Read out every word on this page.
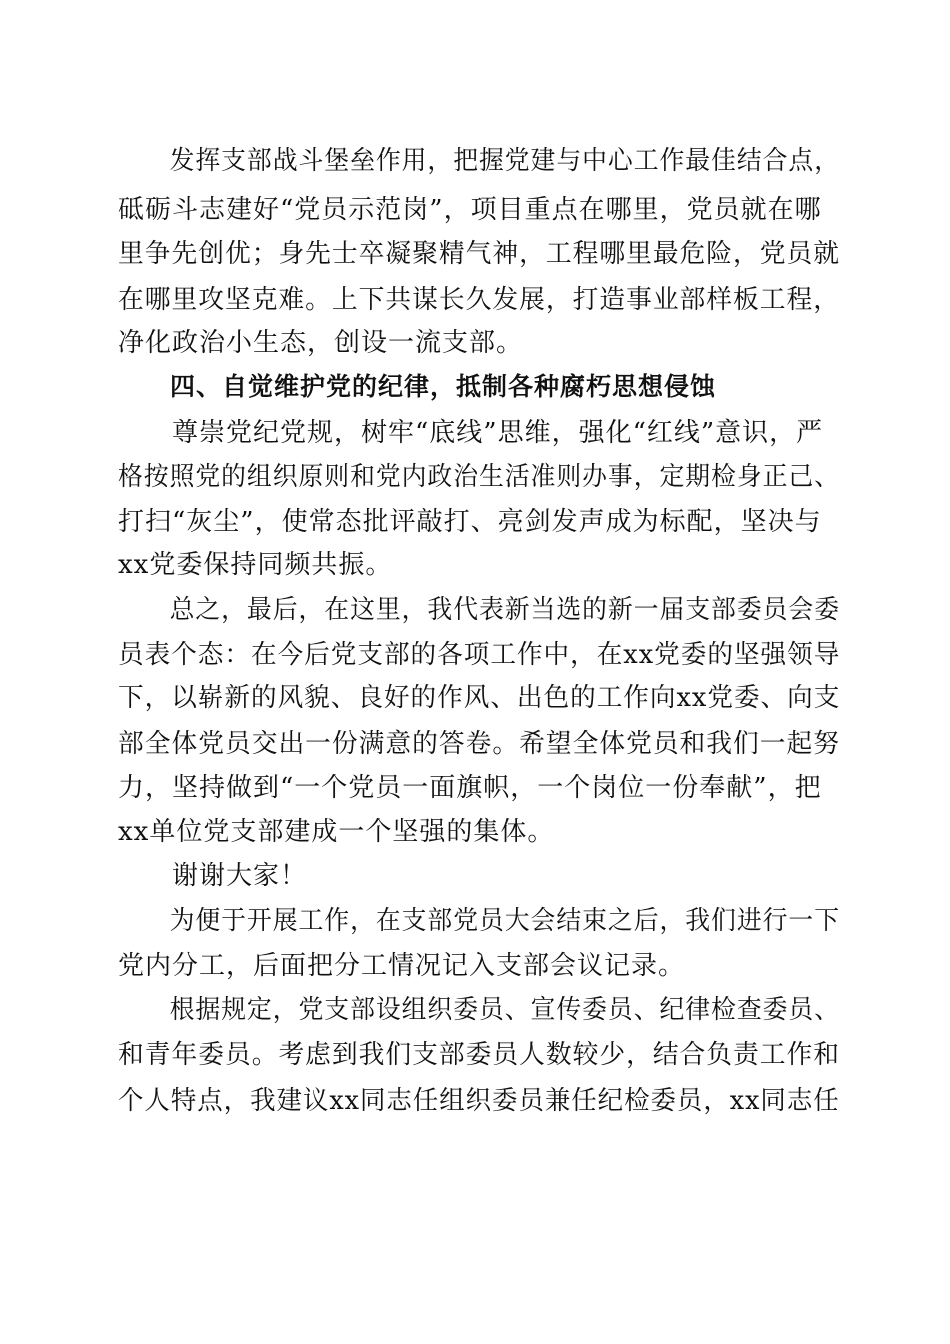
　　发挥支部战斗堡垒作用，把握党建与中心工作最佳结合点，
砥砺斗志建好“党员示范岗”，项目重点在哪里，党员就在哪
里争先创优；身先士卒凝聚精气神，工程哪里最危险，党员就
在哪里攻坚克难。上下共谋长久发展，打造事业部样板工程，
净化政治小生态，创设一流支部。
　　四、自觉维护党的纪律，抵制各种腐朽思想侵蚀
　　尊崇党纪党规，树牢“底线”思维，强化“红线”意识，严
格按照党的组织原则和党内政治生活准则办事，定期检身正己、
打扫“灰尘”，使常态批评敲打、亮剑发声成为标配，坚决与
xx党委保持同频共振。
　　总之，最后，在这里，我代表新当选的新一届支部委员会委
员表个态：在今后党支部的各项工作中，在xx党委的坚强领导
下，以崭新的风貌、良好的作风、出色的工作向xx党委、向支
部全体党员交出一份满意的答卷。希望全体党员和我们一起努
力，坚持做到“一个党员一面旗帜，一个岗位一份奉献”，把
xx单位党支部建成一个坚强的集体。
　　谢谢大家！
　　为便于开展工作，在支部党员大会结束之后，我们进行一下
党内分工，后面把分工情况记入支部会议记录。
　　根据规定，党支部设组织委员、宣传委员、纪律检查委员、
和青年委员。考虑到我们支部委员人数较少，结合负责工作和
个人特点，我建议xx同志任组织委员兼任纪检委员，xx同志任
